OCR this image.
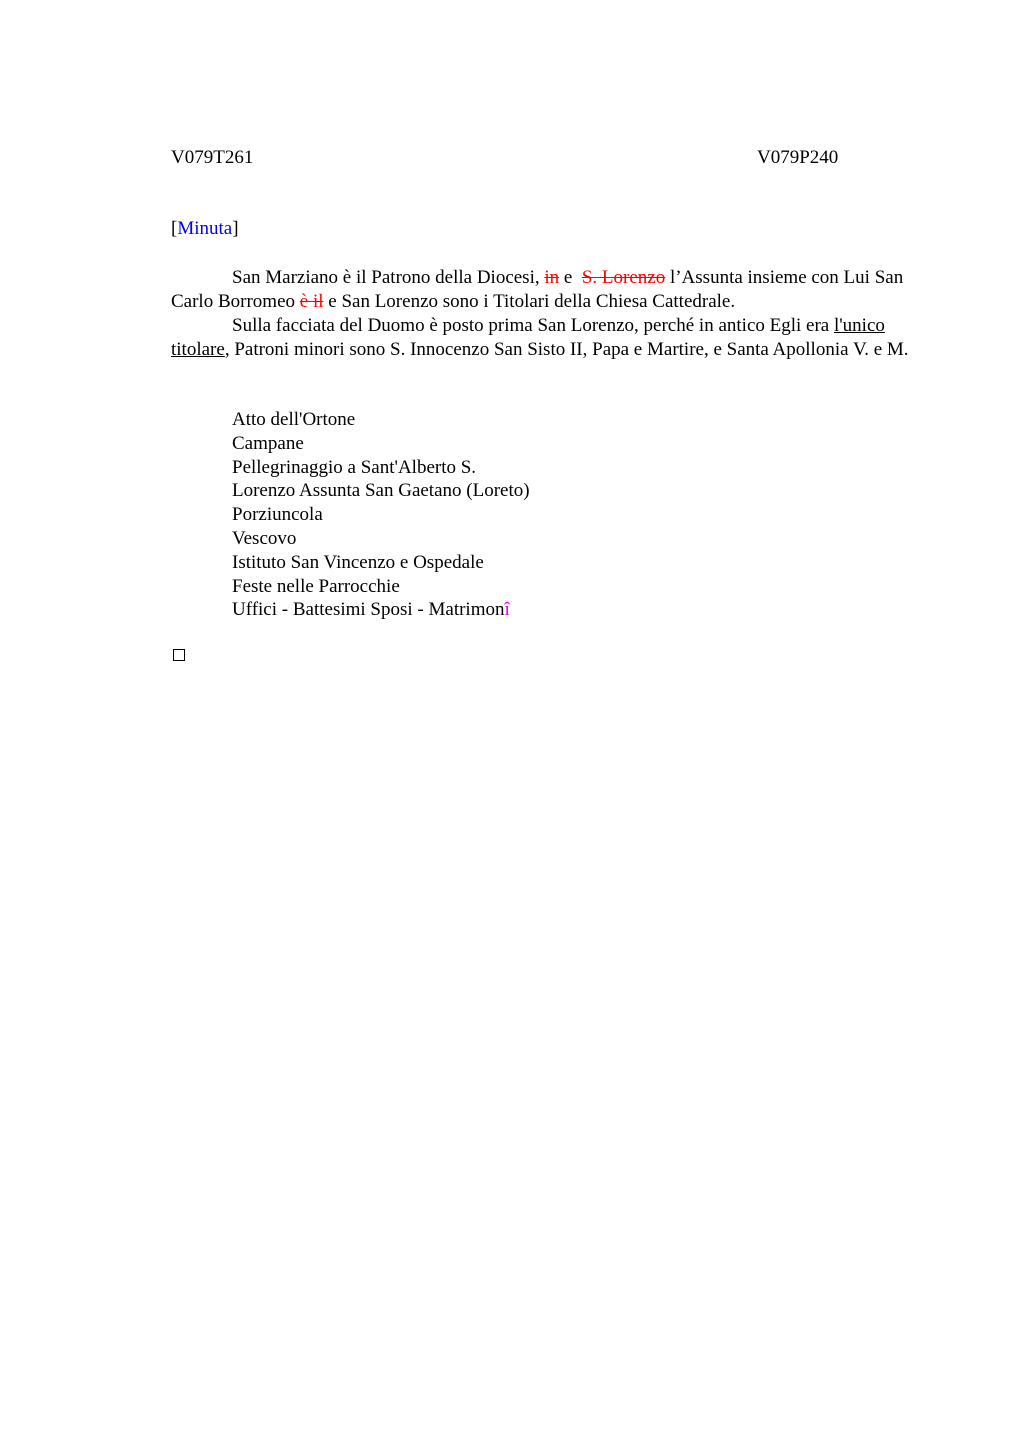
V079T261	V079P240
[Minuta]

San Marziano è il Patrono della Diocesi, in e  S. Lorenzo l’Assunta insieme con Lui San Carlo Borromeo è il e San Lorenzo sono i Titolari della Chiesa Cattedrale.

Sulla facciata del Duomo è posto prima San Lorenzo, perché in antico Egli era l'unico titolare, Patroni minori sono S. Innocenzo San Sisto II, Papa e Martire, e Santa Apollonia V. e M.

Atto dell'Ortone
Campane
Pellegrinaggio a Sant'Alberto S.
Lorenzo Assunta San Gaetano (Loreto)
Porziuncola
Vescovo
Istituto San Vincenzo e Ospedale
Feste nelle Parrocchie
Uffici - Battesimi Sposi - Matrimonî
